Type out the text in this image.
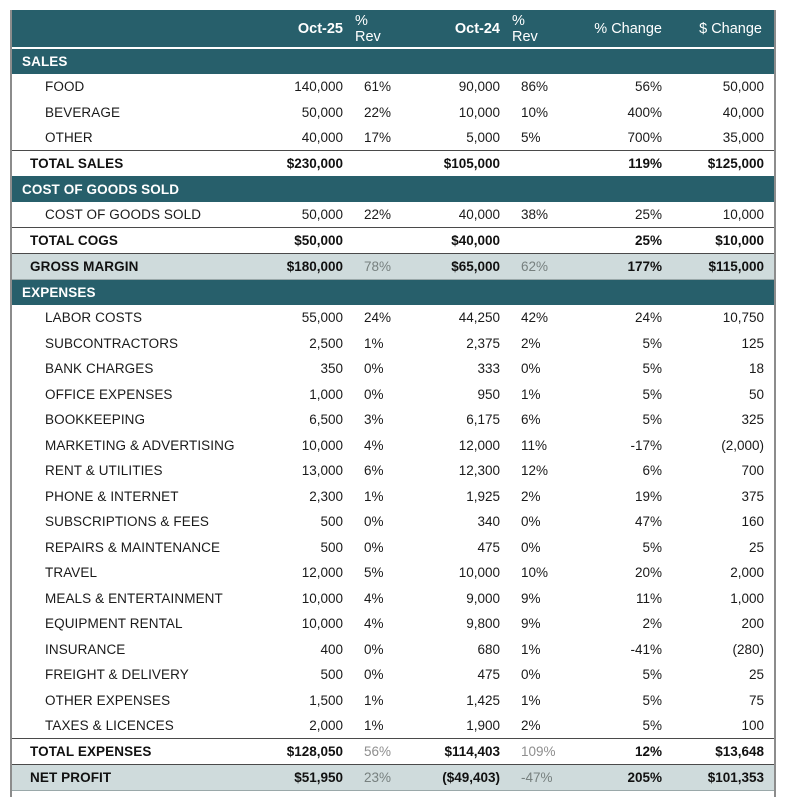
	Oct-25	% Rev	Oct-24	% Rev	% Change	$ Change
SALES						
FOOD	140,000	61%	90,000	86%	56%	50,000
BEVERAGE	50,000	22%	10,000	10%	400%	40,000
OTHER	40,000	17%	5,000	5%	700%	35,000
TOTAL SALES	$230,000		$105,000		119%	$125,000
COST OF GOODS SOLD						
COST OF GOODS SOLD	50,000	22%	40,000	38%	25%	10,000
TOTAL COGS	$50,000		$40,000		25%	$10,000
GROSS MARGIN	$180,000	78%	$65,000	62%	177%	$115,000
EXPENSES						
LABOR COSTS	55,000	24%	44,250	42%	24%	10,750
SUBCONTRACTORS	2,500	1%	2,375	2%	5%	125
BANK CHARGES	350	0%	333	0%	5%	18
OFFICE EXPENSES	1,000	0%	950	1%	5%	50
BOOKKEEPING	6,500	3%	6,175	6%	5%	325
MARKETING & ADVERTISING	10,000	4%	12,000	11%	-17%	(2,000)
RENT & UTILITIES	13,000	6%	12,300	12%	6%	700
PHONE & INTERNET	2,300	1%	1,925	2%	19%	375
SUBSCRIPTIONS & FEES	500	0%	340	0%	47%	160
REPAIRS & MAINTENANCE	500	0%	475	0%	5%	25
TRAVEL	12,000	5%	10,000	10%	20%	2,000
MEALS & ENTERTAINMENT	10,000	4%	9,000	9%	11%	1,000
EQUIPMENT RENTAL	10,000	4%	9,800	9%	2%	200
INSURANCE	400	0%	680	1%	-41%	(280)
FREIGHT & DELIVERY	500	0%	475	0%	5%	25
OTHER EXPENSES	1,500	1%	1,425	1%	5%	75
TAXES & LICENCES	2,000	1%	1,900	2%	5%	100
TOTAL EXPENSES	$128,050	56%	$114,403	109%	12%	$13,648
NET PROFIT	$51,950	23%	($49,403)	-47%	205%	$101,353
